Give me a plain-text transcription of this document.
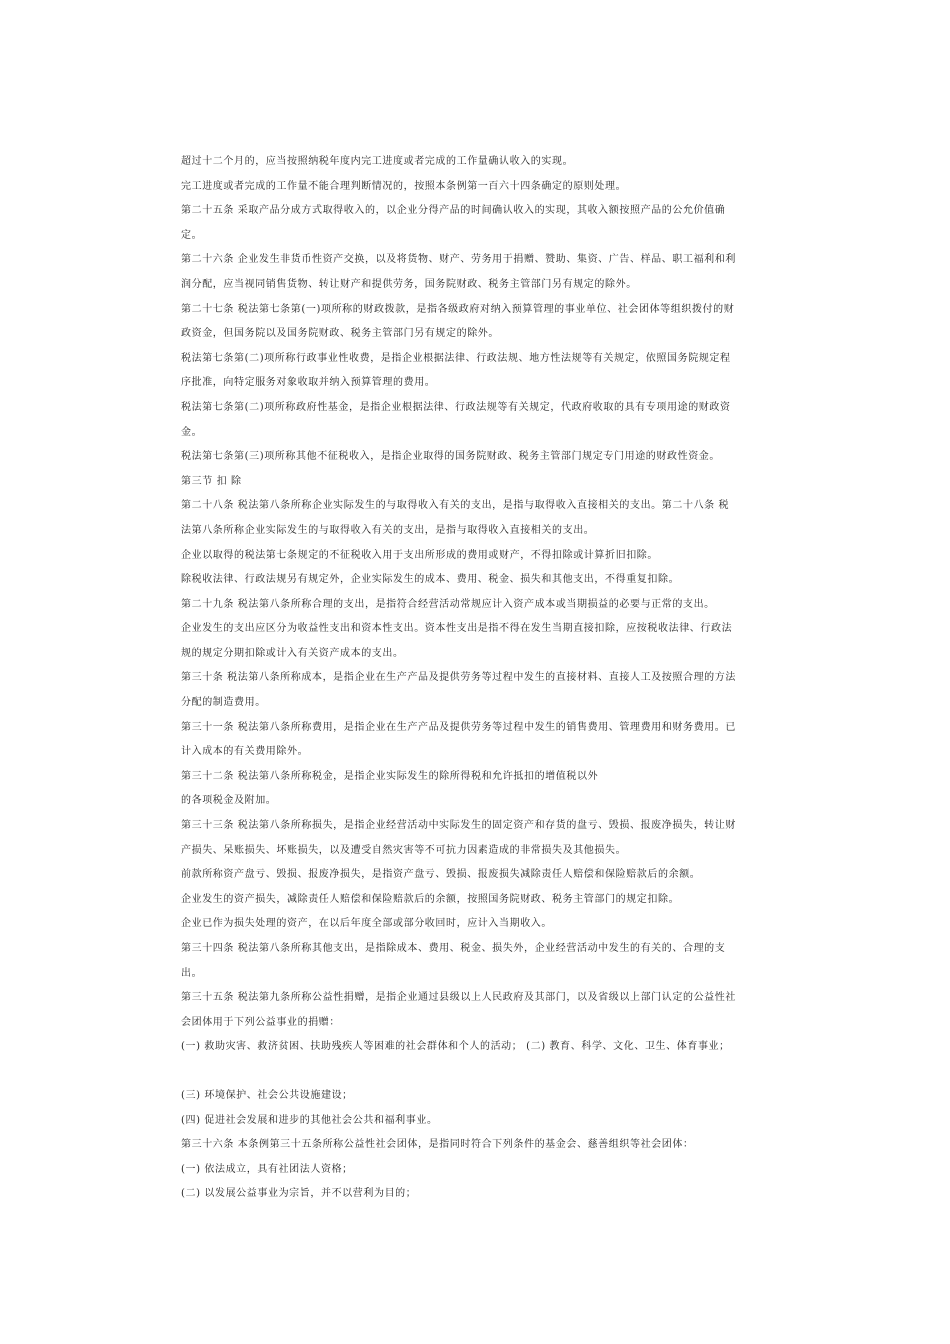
超过十二个月的，应当按照纳税年度内完工进度或者完成的工作量确认收入的实现。
完工进度或者完成的工作量不能合理判断情况的，按照本条例第一百六十四条确定的原则处理。
第二十五条 采取产品分成方式取得收入的，以企业分得产品的时间确认收入的实现，其收入额按照产品的公允价值确
定。
第二十六条 企业发生非货币性资产交换，以及将货物、财产、劳务用于捐赠、赞助、集资、广告、样品、职工福利和利
润分配，应当视同销售货物、转让财产和提供劳务，国务院财政、税务主管部门另有规定的除外。
第二十七条 税法第七条第(一)项所称的财政拨款，是指各级政府对纳入预算管理的事业单位、社会团体等组织拨付的财
政资金，但国务院以及国务院财政、税务主管部门另有规定的除外。
税法第七条第(二)项所称行政事业性收费，是指企业根据法律、行政法规、地方性法规等有关规定，依照国务院规定程
序批准，向特定服务对象收取并纳入预算管理的费用。
税法第七条第(二)项所称政府性基金，是指企业根据法律、行政法规等有关规定，代政府收取的具有专项用途的财政资
金。
税法第七条第(三)项所称其他不征税收入，是指企业取得的国务院财政、税务主管部门规定专门用途的财政性资金。
第三节 扣 除
第二十八条 税法第八条所称企业实际发生的与取得收入有关的支出，是指与取得收入直接相关的支出。第二十八条 税
法第八条所称企业实际发生的与取得收入有关的支出，是指与取得收入直接相关的支出。
企业以取得的税法第七条规定的不征税收入用于支出所形成的费用或财产，不得扣除或计算折旧扣除。
除税收法律、行政法规另有规定外，企业实际发生的成本、费用、税金、损失和其他支出，不得重复扣除。
第二十九条 税法第八条所称合理的支出，是指符合经营活动常规应计入资产成本或当期损益的必要与正常的支出。
企业发生的支出应区分为收益性支出和资本性支出。资本性支出是指不得在发生当期直接扣除，应按税收法律、行政法
规的规定分期扣除或计入有关资产成本的支出。
第三十条 税法第八条所称成本，是指企业在生产产品及提供劳务等过程中发生的直接材料、直接人工及按照合理的方法
分配的制造费用。
第三十一条 税法第八条所称费用，是指企业在生产产品及提供劳务等过程中发生的销售费用、管理费用和财务费用。已
计入成本的有关费用除外。
第三十二条 税法第八条所称税金，是指企业实际发生的除所得税和允许抵扣的增值税以外
的各项税金及附加。
第三十三条 税法第八条所称损失，是指企业经营活动中实际发生的固定资产和存货的盘亏、毁损、报废净损失，转让财
产损失、呆账损失、坏账损失，以及遭受自然灾害等不可抗力因素造成的非常损失及其他损失。
前款所称资产盘亏、毁损、报废净损失，是指资产盘亏、毁损、报废损失减除责任人赔偿和保险赔款后的余额。
企业发生的资产损失，减除责任人赔偿和保险赔款后的余额，按照国务院财政、税务主管部门的规定扣除。
企业已作为损失处理的资产，在以后年度全部或部分收回时，应计入当期收入。
第三十四条 税法第八条所称其他支出，是指除成本、费用、税金、损失外，企业经营活动中发生的有关的、合理的支
出。
第三十五条 税法第九条所称公益性捐赠，是指企业通过县级以上人民政府及其部门，以及省级以上部门认定的公益性社
会团体用于下列公益事业的捐赠：
(一) 救助灾害、救济贫困、扶助残疾人等困难的社会群体和个人的活动； (二) 教育、科学、文化、卫生、体育事业；
(三) 环境保护、社会公共设施建设；
(四) 促进社会发展和进步的其他社会公共和福利事业。
第三十六条 本条例第三十五条所称公益性社会团体，是指同时符合下列条件的基金会、慈善组织等社会团体：
(一) 依法成立，具有社团法人资格；
(二) 以发展公益事业为宗旨，并不以营利为目的；
